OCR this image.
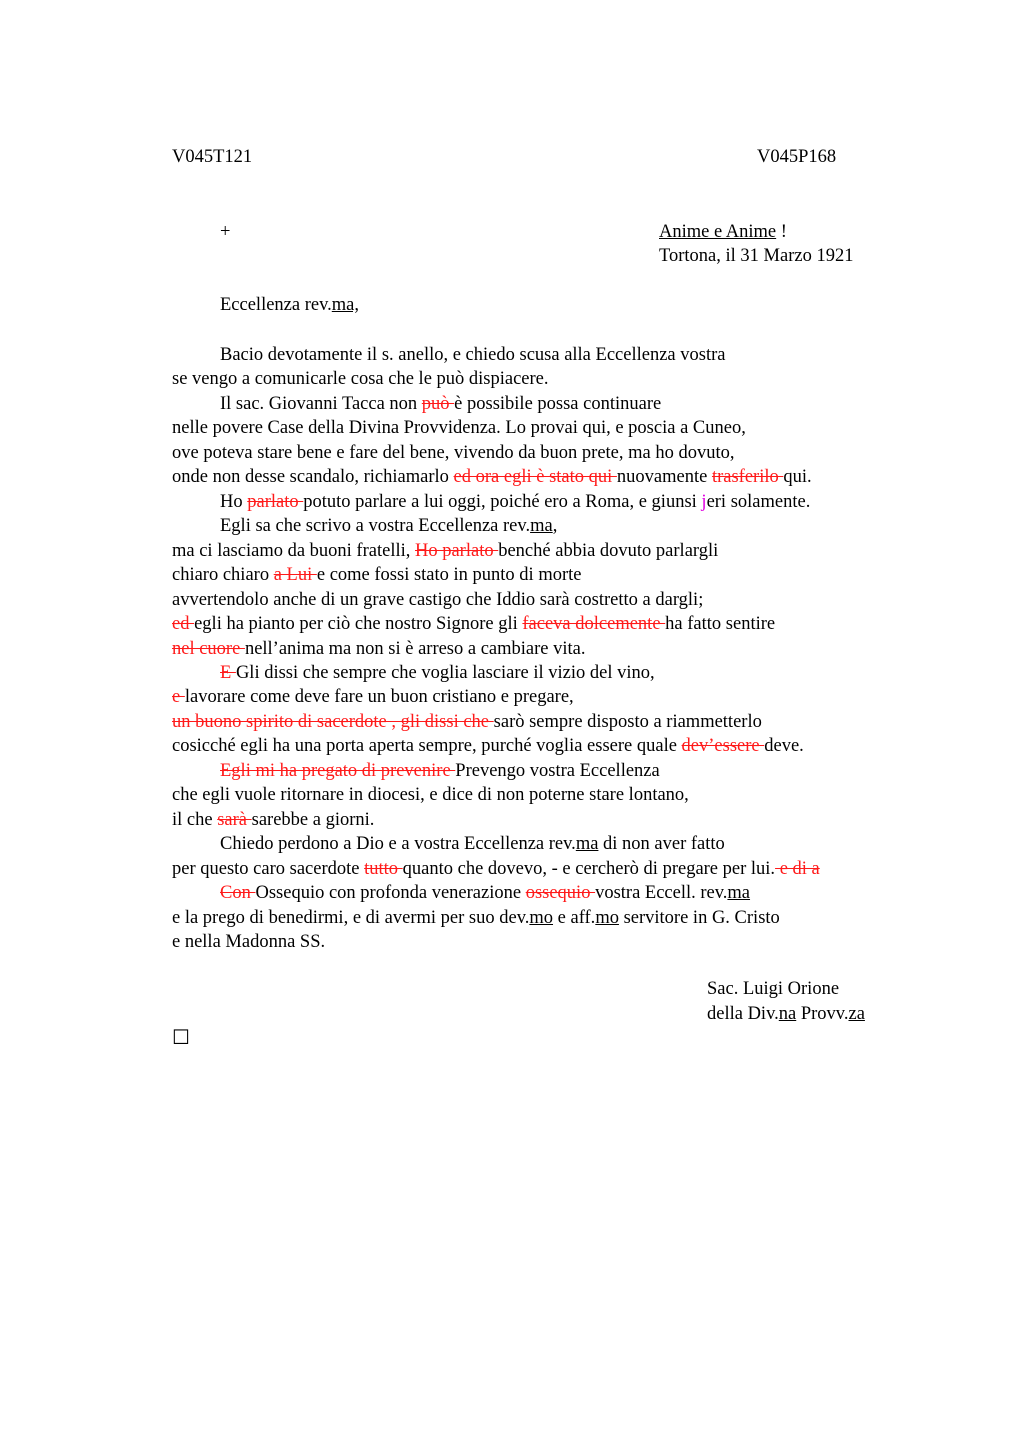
V045T121	V045P168
+	Anime e Anime !
Tortona, il 31 Marzo 1921
Eccellenza rev.ma,
Bacio devotamente il s. anello, e chiedo scusa alla Eccellenza vostra
se vengo a comunicarle cosa che le può dispiacere.
Il sac. Giovanni Tacca non può è possibile possa continuare
nelle povere Case della Divina Provvidenza. Lo provai qui, e poscia a Cuneo,
ove poteva stare bene e fare del bene, vivendo da buon prete, ma ho dovuto,
onde non desse scandalo, richiamarlo ed ora egli è stato qui nuovamente trasferilo qui.
Ho parlato potuto parlare a lui oggi, poiché ero a Roma, e giunsi jeri solamente.
Egli sa che scrivo a vostra Eccellenza rev.ma,
ma ci lasciamo da buoni fratelli, Ho parlato benché abbia dovuto parlargli
chiaro chiaro a Lui e come fossi stato in punto di morte
avvertendolo anche di un grave castigo che Iddio sarà costretto a dargli;
ed egli ha pianto per ciò che nostro Signore gli faceva dolcemente ha fatto sentire
nel cuore nell’anima ma non si è arreso a cambiare vita.
E Gli dissi che sempre che voglia lasciare il vizio del vino,
e lavorare come deve fare un buon cristiano e pregare,
un buono spirito di sacerdote , gli dissi che sarò sempre disposto a riammetterlo
cosicché egli ha una porta aperta sempre, purché voglia essere quale dev’essere deve.
Egli mi ha pregato di prevenire Prevengo vostra Eccellenza
che egli vuole ritornare in diocesi, e dice di non poterne stare lontano,
il che sarà sarebbe a giorni.
Chiedo perdono a Dio e a vostra Eccellenza rev.ma di non aver fatto
per questo caro sacerdote tutto quanto che dovevo, - e cercherò di pregare per lui. e di a
Con Ossequio con profonda venerazione ossequio vostra Eccell. rev.ma
e la prego di benedirmi, e di avermi per suo dev.mo e aff.mo servitore in G. Cristo
e nella Madonna SS.
Sac. Luigi Orione
della Div.na Provv.za
☐
